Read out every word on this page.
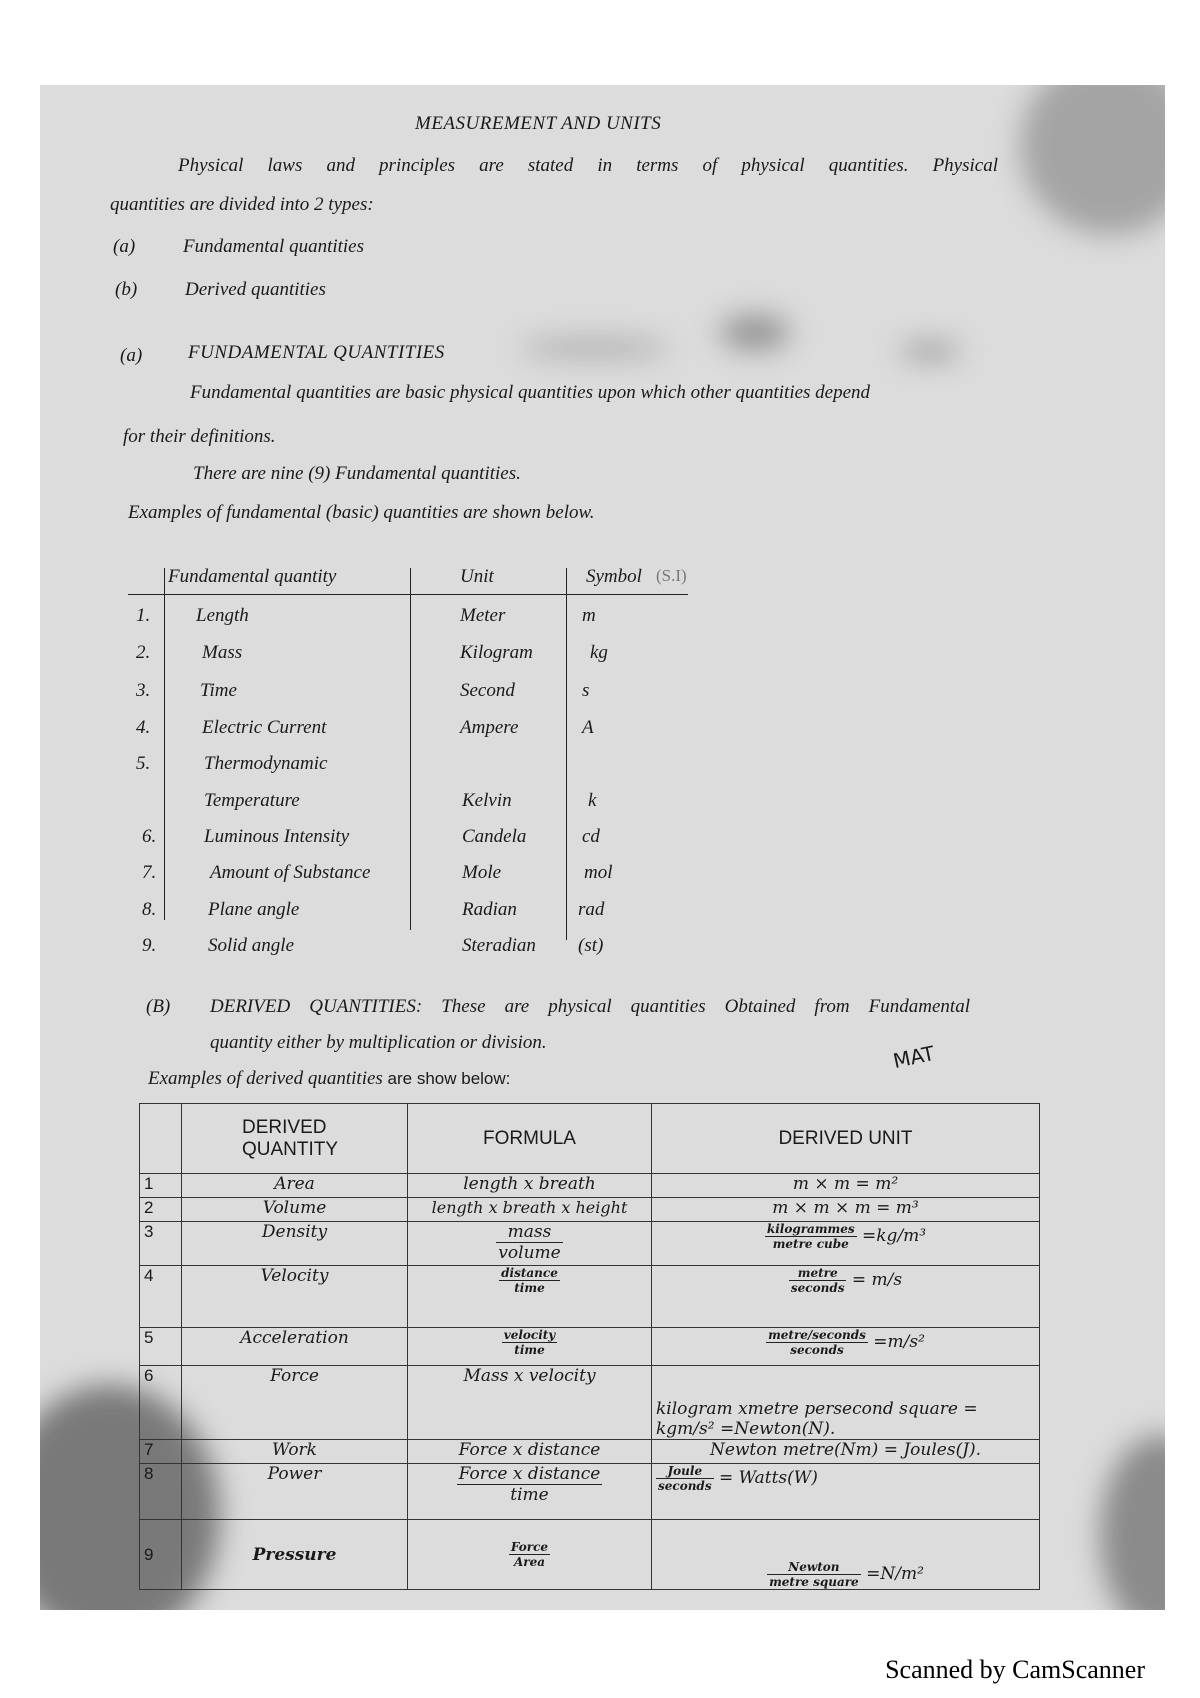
MEASUREMENT AND UNITS
Physical laws and principles are stated in terms of physical quantities. Physical
quantities are divided into 2 types:
(a)	Fundamental quantities
(b)	Derived quantities
(a) FUNDAMENTAL QUANTITIES
Fundamental quantities are basic physical quantities upon which other quantities depend
for their definitions.
There are nine (9) Fundamental quantities.
Examples of fundamental (basic) quantities are shown below.
Fundamental quantity	Unit	Symbol (S.I)
1. Length	Meter	m
2.	Mass	Kilogram	kg
3.	Time	Second	s
4.	Electric Current	Ampere	A
5.	Thermodynamic
Temperature	Kelvin	k
6.	Luminous Intensity	Candela	cd
7.	Amount of Substance	Mole	mol
8.	Plane angle	Radian	rad
9.	Solid angle	Steradian (st)
(B) DERIVED QUANTITIES: These are physical quantities Obtained from Fundamental
quantity either by multiplication or division.	MAT
Examples of derived quantities are show below:
	DERIVED QUANTITY	FORMULA	DERIVED UNIT
1	Area	length x breath	m × m = m²
2	Volume	length x breath x height	m × m × m = m³
3	Density	$\frac{\text{mass}}{\text{volume}}$	$\frac{\text{kilogrammes}}{\text{metre cube}} =kg/m^3$
4	Velocity	$\frac{\text{distance}}{\text{time}}$	$\frac{\text{metre}}{\text{seconds}} = m/s$
5	Acceleration	$\frac{\text{velocity}}{\text{time}}$	$\frac{\text{metre/seconds}}{\text{seconds}} =m/s^2$
6	Force	Mass x velocity	kilogram xmetre persecond square =
kgm/s² =Newton(N).

7	Work	Force x distance	Newton metre(Nm) = Joules(J).
8	Power	$\frac{\text{Force x distance}}{\text{time}}$	$\frac{\text{Joule}}{\text{seconds}}$ = Watts(W)
9	Pressure	$\frac{\text{Force}}{\text{Area}}$	$\frac{\text{Newton}}{\text{metre square}} =N/m^2$
Scanned by CamScanner
